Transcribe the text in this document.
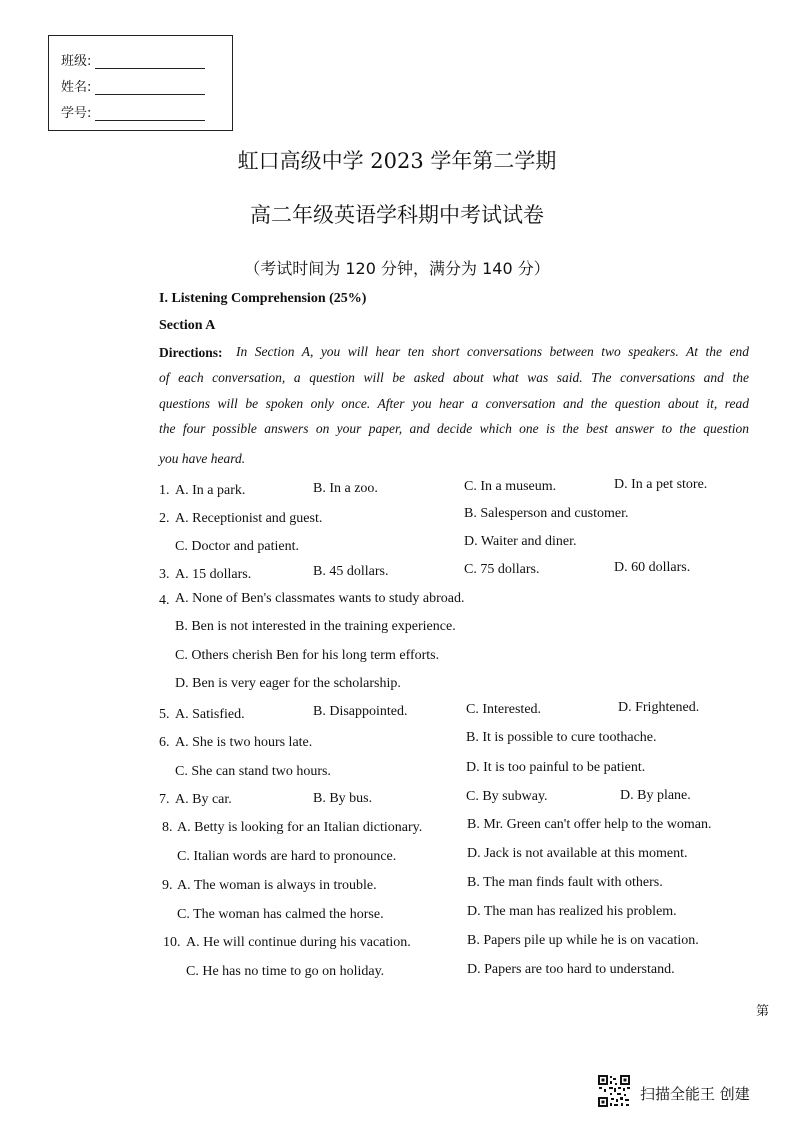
班级:
姓名:
学号:
虹口高级中学 2023 学年第二学期
高二年级英语学科期中考试试卷
（考试时间为 120 分钟，满分为 140 分）
I. Listening Comprehension (25%)
Section A
Directions: In Section A, you will hear ten short conversations between two speakers. At the end
of each conversation, a question will be asked about what was said. The conversations and the
questions will be spoken only once. After you hear a conversation and the question about it, read
the four possible answers on your paper, and decide which one is the best answer to the question
you have heard.
1. A. In a park.	B. In a zoo.	C. In a museum.	D. In a pet store.
2. A. Receptionist and guest.	B. Salesperson and customer.
C. Doctor and patient.	D. Waiter and diner.
3. A. 15 dollars.	B. 45 dollars.	C. 75 dollars.	D. 60 dollars.
4. A. None of Ben's classmates wants to study abroad.
B. Ben is not interested in the training experience.
C. Others cherish Ben for his long term efforts.
D. Ben is very eager for the scholarship.
5. A. Satisfied.	B. Disappointed.	C. Interested.	D. Frightened.
6. A. She is two hours late.	B. It is possible to cure toothache.
C. She can stand two hours.	D. It is too painful to be patient.
7. A. By car.	B. By bus.	C. By subway.	D. By plane.
8. A. Betty is looking for an Italian dictionary.	B. Mr. Green can't offer help to the woman.
C. Italian words are hard to pronounce.	D. Jack is not available at this moment.
9. A. The woman is always in trouble.	B. The man finds fault with others.
C. The woman has calmed the horse.	D. The man has realized his problem.
10. A. He will continue during his vacation.	B. Papers pile up while he is on vacation.
C. He has no time to go on holiday.	D. Papers are too hard to understand.
第
扫描全能王 创建
